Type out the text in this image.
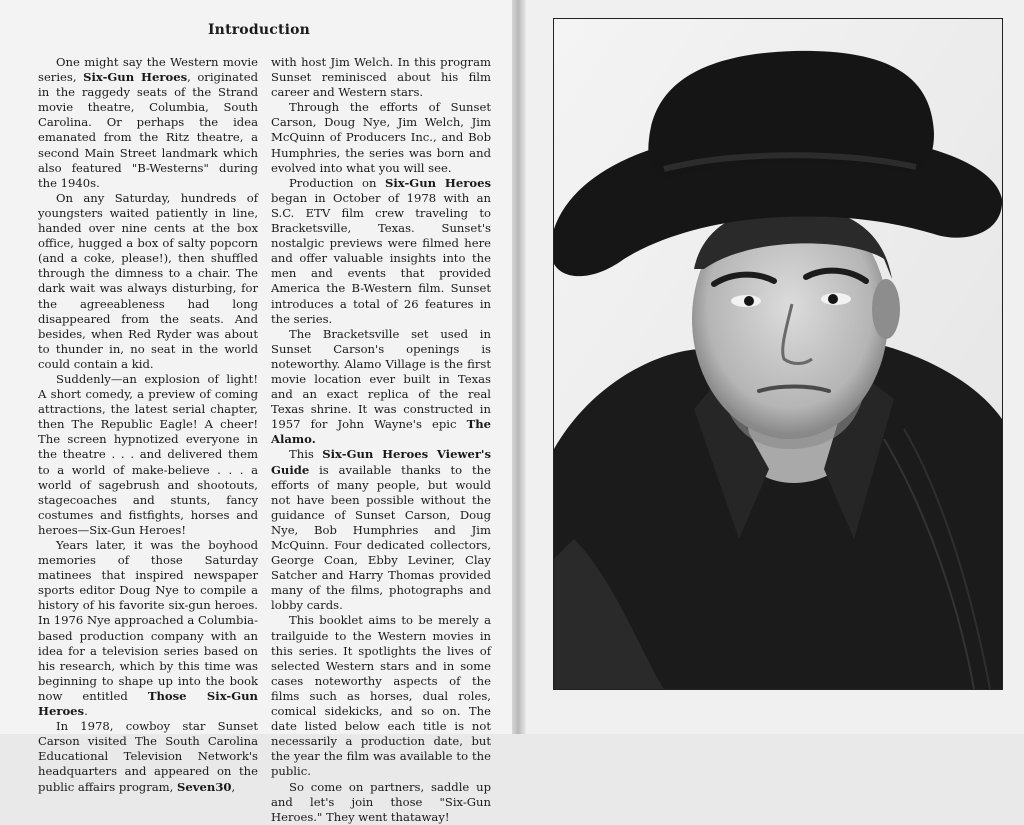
Introduction

One might say the Western movie series, Six-Gun Heroes, originated in the raggedy seats of the Strand movie theatre, Columbia, South Carolina. Or perhaps the idea emanated from the Ritz theatre, a second Main Street landmark which also featured "B-Westerns" during the 1940s.

On any Saturday, hundreds of youngsters waited patiently in line, handed over nine cents at the box office, hugged a box of salty popcorn (and a coke, please!), then shuffled through the dimness to a chair. The dark wait was always disturbing, for the agreeableness had long disappeared from the seats. And besides, when Red Ryder was about to thunder in, no seat in the world could contain a kid.

Suddenly—an explosion of light! A short comedy, a preview of coming attractions, the latest serial chapter, then The Republic Eagle! A cheer! The screen hypnotized everyone in the theatre . . . and delivered them to a world of make-believe . . . a world of sagebrush and shootouts, stagecoaches and stunts, fancy costumes and fistfights, horses and heroes—Six-Gun Heroes!

Years later, it was the boyhood memories of those Saturday matinees that inspired newspaper sports editor Doug Nye to compile a history of his favorite six-gun heroes. In 1976 Nye approached a Columbia-based production company with an idea for a television series based on his research, which by this time was beginning to shape up into the book now entitled Those Six-Gun Heroes.

In 1978, cowboy star Sunset Carson visited The South Carolina Educational Television Network's headquarters and appeared on the public affairs program, Seven30,

with host Jim Welch. In this program Sunset reminisced about his film career and Western stars.

Through the efforts of Sunset Carson, Doug Nye, Jim Welch, Jim McQuinn of Producers Inc., and Bob Humphries, the series was born and evolved into what you will see.

Production on Six-Gun Heroes began in October of 1978 with an S.C. ETV film crew traveling to Bracketsville, Texas. Sunset's nostalgic previews were filmed here and offer valuable insights into the men and events that provided America the B-Western film. Sunset introduces a total of 26 features in the series.

The Bracketsville set used in Sunset Carson's openings is noteworthy. Alamo Village is the first movie location ever built in Texas and an exact replica of the real Texas shrine. It was constructed in 1957 for John Wayne's epic The Alamo.

This Six-Gun Heroes Viewer's Guide is available thanks to the efforts of many people, but would not have been possible without the guidance of Sunset Carson, Doug Nye, Bob Humphries and Jim McQuinn. Four dedicated collectors, George Coan, Ebby Leviner, Clay Satcher and Harry Thomas provided many of the films, photographs and lobby cards.

This booklet aims to be merely a trailguide to the Western movies in this series. It spotlights the lives of selected Western stars and in some cases noteworthy aspects of the films such as horses, dual roles, comical sidekicks, and so on. The date listed below each title is not necessarily a production date, but the year the film was available to the public.

So come on partners, saddle up and let's join those "Six-Gun Heroes." They went thataway!
